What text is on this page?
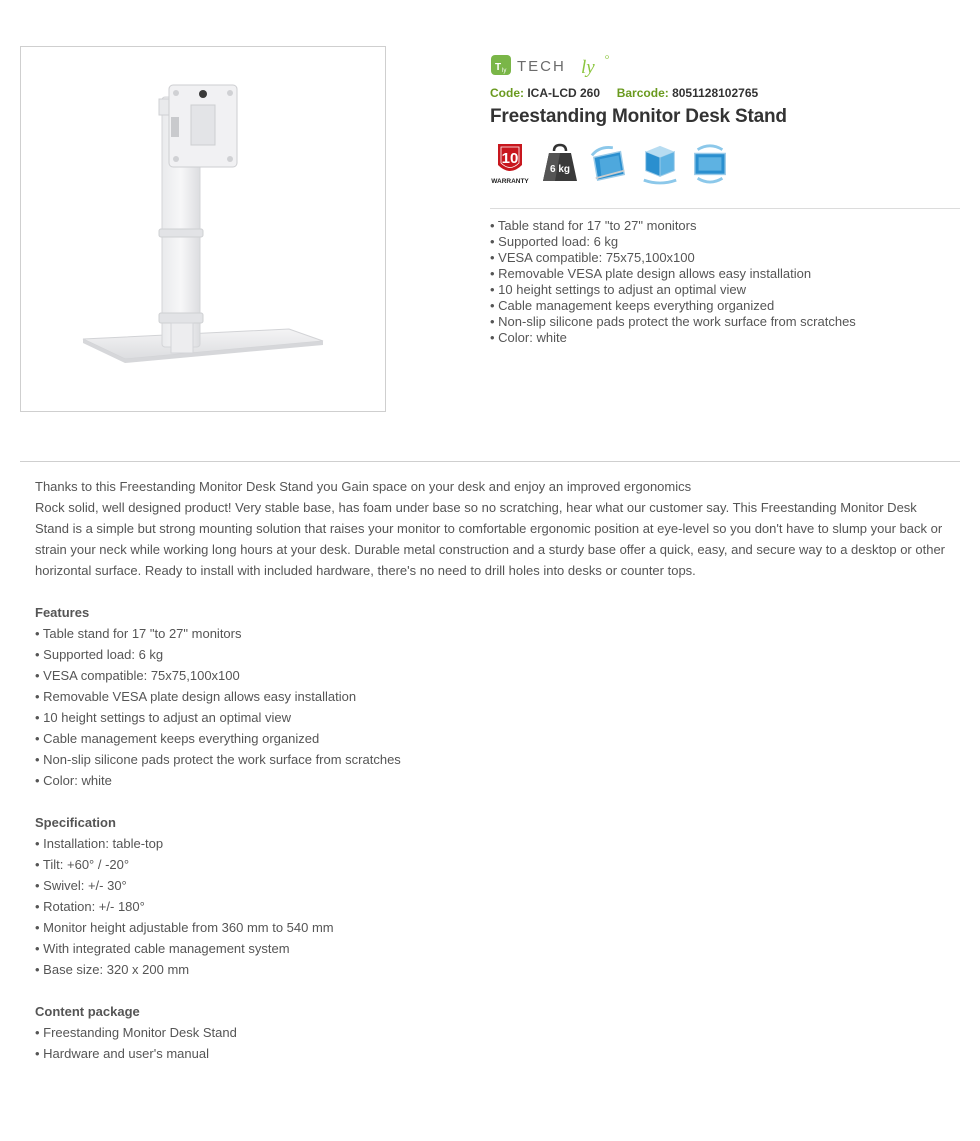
T ly TECH ly
Code: ICA-LCD 260 Barcode: 8051128102765
Freestanding Monitor Desk Stand
10
WARRANTY
6 kg
• Table stand for 17 "to 27" monitors
• Supported load: 6 kg
• VESA compatible: 75x75,100x100
• Removable VESA plate design allows easy installation
• 10 height settings to adjust an optimal view
• Cable management keeps everything organized
• Non-slip silicone pads protect the work surface from scratches
• Color: white

Thanks to this Freestanding Monitor Desk Stand you Gain space on your desk and enjoy an improved ergonomics

Rock solid, well designed product! Very stable base, has foam under base so no scratching, hear what our customer say. This Freestanding Monitor Desk Stand is a simple but strong mounting solution that raises your monitor to comfortable ergonomic position at eye-level so you don't have to slump your back or strain your neck while working long hours at your desk. Durable metal construction and a sturdy base offer a quick, easy, and secure way to a desktop or other horizontal surface. Ready to install with included hardware, there's no need to drill holes into desks or counter tops.

Features
• Table stand for 17 "to 27" monitors
• Supported load: 6 kg
• VESA compatible: 75x75,100x100
• Removable VESA plate design allows easy installation
• 10 height settings to adjust an optimal view
• Cable management keeps everything organized
• Non-slip silicone pads protect the work surface from scratches
• Color: white
Specification
• Installation: table-top
• Tilt: +60° / -20°
• Swivel: +/- 30°
• Rotation: +/- 180°
• Monitor height adjustable from 360 mm to 540 mm
• With integrated cable management system
• Base size: 320 x 200 mm
Content package
• Freestanding Monitor Desk Stand
• Hardware and user's manual
